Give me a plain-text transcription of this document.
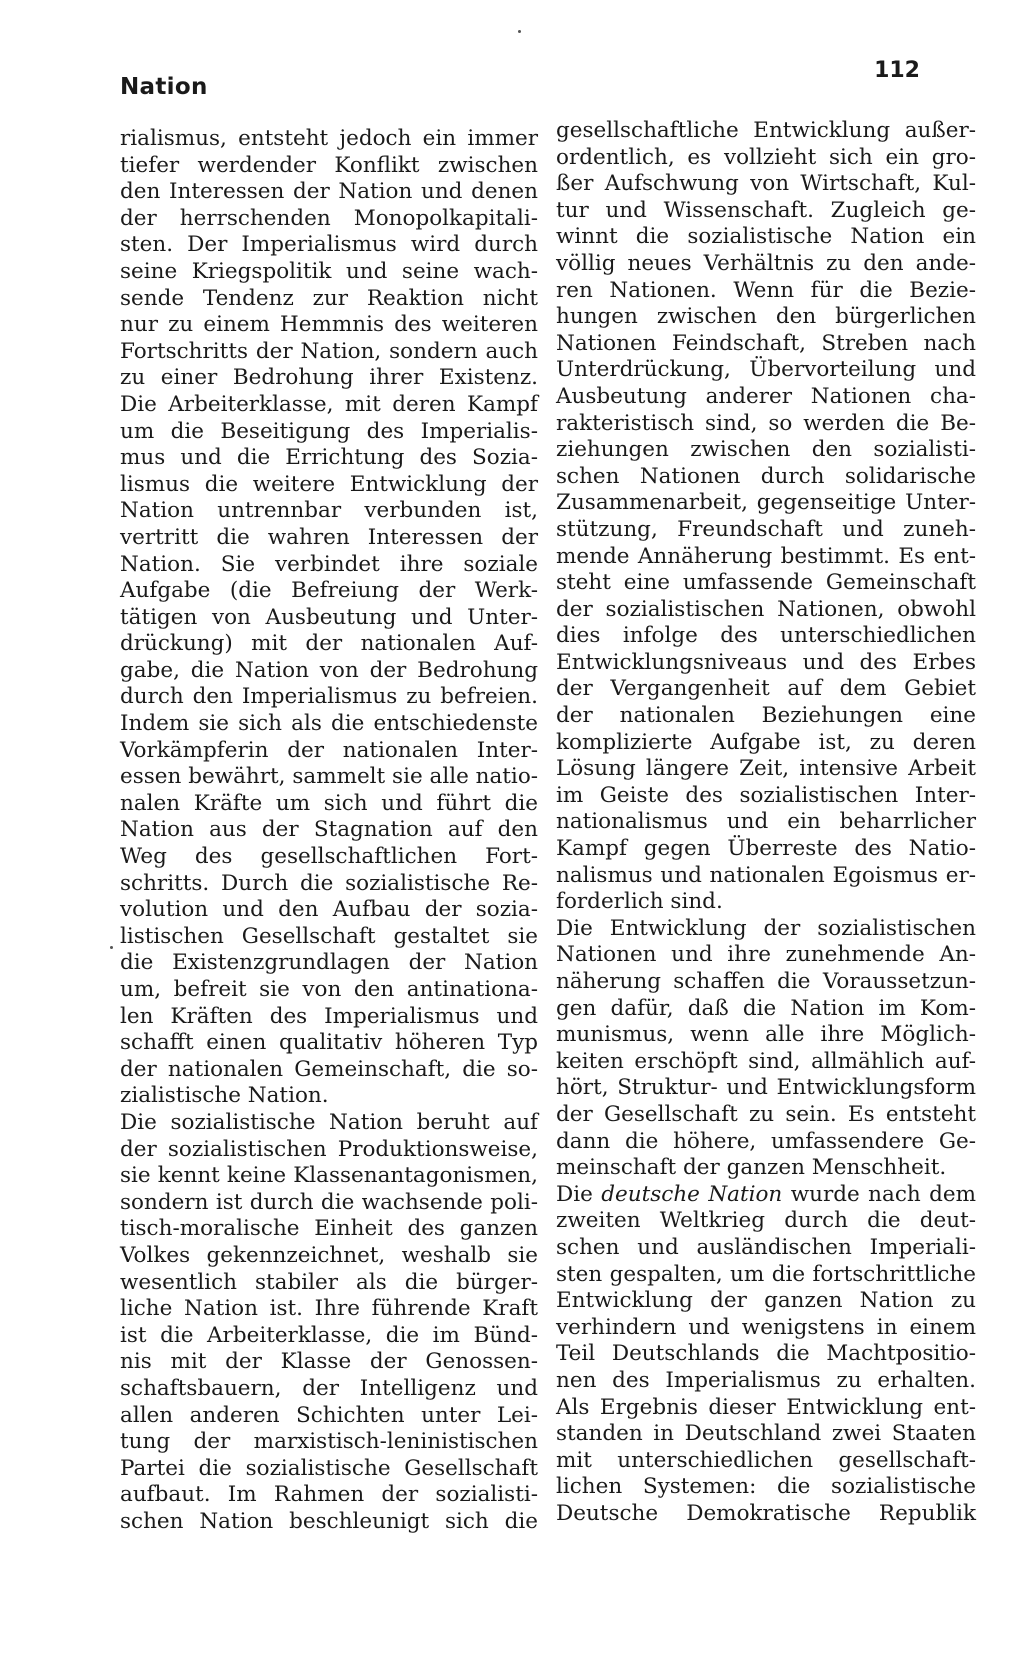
Nation
112

rialismus, entsteht jedoch ein immer
tiefer werdender Konflikt zwischen
den Interessen der Nation und denen
der herrschenden Monopolkapitali-
sten. Der Imperialismus wird durch
seine Kriegspolitik und seine wach-
sende Tendenz zur Reaktion nicht
nur zu einem Hemmnis des weiteren
Fortschritts der Nation, sondern auch
zu einer Bedrohung ihrer Existenz.

Die Arbeiterklasse, mit deren Kampf
um die Beseitigung des Imperialis-
mus und die Errichtung des Sozia-
lismus die weitere Entwicklung der
Nation untrennbar verbunden ist,
vertritt die wahren Interessen der
Nation. Sie verbindet ihre soziale
Aufgabe (die Befreiung der Werk-
tätigen von Ausbeutung und Unter-
drückung) mit der nationalen Auf-
gabe, die Nation von der Bedrohung
durch den Imperialismus zu befreien.

Indem sie sich als die entschiedenste
Vorkämpferin der nationalen Inter-
essen bewährt, sammelt sie alle natio-
nalen Kräfte um sich und führt die
Nation aus der Stagnation auf den
Weg des gesellschaftlichen Fort-
schritts. Durch die sozialistische Re-
volution und den Aufbau der sozia-
listischen Gesellschaft gestaltet sie
die Existenzgrundlagen der Nation
um, befreit sie von den antinationa-
len Kräften des Imperialismus und
schafft einen qualitativ höheren Typ
der nationalen Gemeinschaft, die so-
zialistische Nation.

Die sozialistische Nation beruht auf
der sozialistischen Produktionsweise,
sie kennt keine Klassenantagonismen,
sondern ist durch die wachsende poli-
tisch-moralische Einheit des ganzen
Volkes gekennzeichnet, weshalb sie
wesentlich stabiler als die bürger-
liche Nation ist. Ihre führende Kraft
ist die Arbeiterklasse, die im Bünd-
nis mit der Klasse der Genossen-
schaftsbauern, der Intelligenz und
allen anderen Schichten unter Lei-
tung der marxistisch-leninistischen
Partei die sozialistische Gesellschaft
aufbaut. Im Rahmen der sozialisti-
schen Nation beschleunigt sich die

gesellschaftliche Entwicklung außer-
ordentlich, es vollzieht sich ein gro-
ßer Aufschwung von Wirtschaft, Kul-
tur und Wissenschaft. Zugleich ge-
winnt die sozialistische Nation ein
völlig neues Verhältnis zu den ande-
ren Nationen. Wenn für die Bezie-
hungen zwischen den bürgerlichen
Nationen Feindschaft, Streben nach
Unterdrückung, Übervorteilung und
Ausbeutung anderer Nationen cha-
rakteristisch sind, so werden die Be-
ziehungen zwischen den sozialisti-
schen Nationen durch solidarische
Zusammenarbeit, gegenseitige Unter-
stützung, Freundschaft und zuneh-
mende Annäherung bestimmt. Es ent-
steht eine umfassende Gemeinschaft
der sozialistischen Nationen, obwohl
dies infolge des unterschiedlichen
Entwicklungsniveaus und des Erbes
der Vergangenheit auf dem Gebiet
der nationalen Beziehungen eine
komplizierte Aufgabe ist, zu deren
Lösung längere Zeit, intensive Arbeit
im Geiste des sozialistischen Inter-
nationalismus und ein beharrlicher
Kampf gegen Überreste des Natio-
nalismus und nationalen Egoismus er-
forderlich sind.

Die Entwicklung der sozialistischen
Nationen und ihre zunehmende An-
näherung schaffen die Voraussetzun-
gen dafür, daß die Nation im Kom-
munismus, wenn alle ihre Möglich-
keiten erschöpft sind, allmählich auf-
hört, Struktur- und Entwicklungsform
der Gesellschaft zu sein. Es entsteht
dann die höhere, umfassendere Ge-
meinschaft der ganzen Menschheit.

Die deutsche Nation wurde nach dem
zweiten Weltkrieg durch die deut-
schen und ausländischen Imperiali-
sten gespalten, um die fortschrittliche
Entwicklung der ganzen Nation zu
verhindern und wenigstens in einem
Teil Deutschlands die Machtpositio-
nen des Imperialismus zu erhalten.
Als Ergebnis dieser Entwicklung ent-
standen in Deutschland zwei Staaten
mit unterschiedlichen gesellschaft-
lichen Systemen: die sozialistische
Deutsche Demokratische Republik
